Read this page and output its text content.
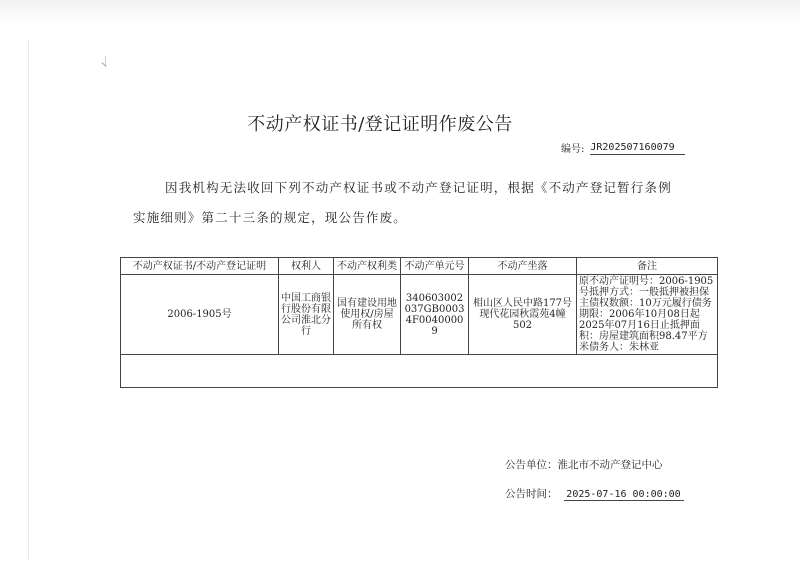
√
不动产权证书/登记证明作废公告
编号: JR202507160079
因我机构无法收回下列不动产权证书或不动产登记证明，根据《不动产登记暂行条例
实施细则》第二十三条的规定，现公告作废。
不动产权证书/不动产登记证明	权利人	不动产权利类	不动产单元号	不动产坐落	备注
2006-1905号	中国工商银行股份有限公司淮北分行	国有建设用地使用权/房屋所有权	340603002037GB00034F00400009	相山区人民中路177号现代花园秋霞苑4幢502	原不动产证明号：2006-1905号抵押方式：一般抵押被担保主债权数额：10万元履行债务期限：2006年10月08日起2025年07月16日止抵押面积：房屋建筑面积98.47平方米债务人：朱林亚

公告单位：淮北市不动产登记中心
公告时间： 2025-07-16 00:00:00
